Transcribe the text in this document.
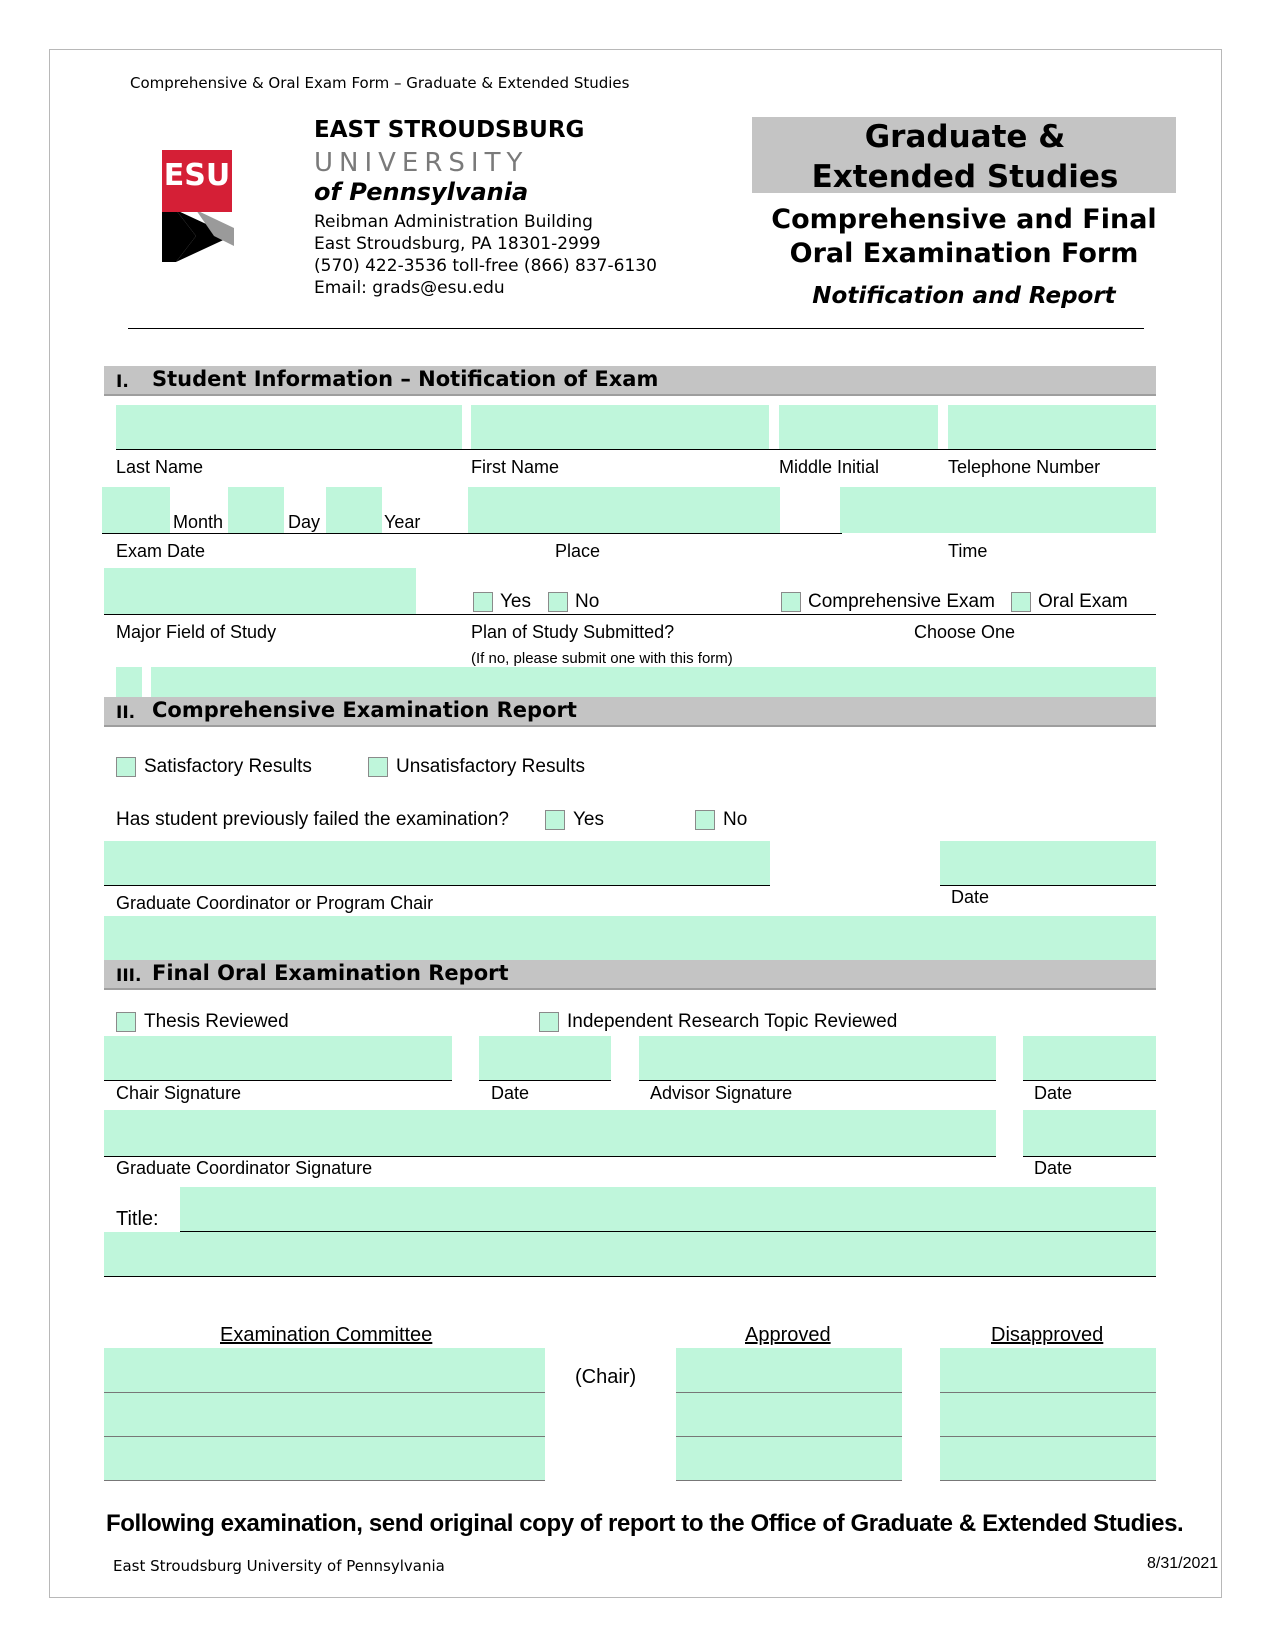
Comprehensive & Oral Exam Form – Graduate & Extended Studies
ESU
EAST STROUDSBURG
UNIVERSITY
of Pennsylvania
Reibman Administration Building
East Stroudsburg, PA 18301-2999
(570) 422-3536 toll-free (866) 837-6130
Email: grads@esu.edu
Graduate & Extended Studies
Comprehensive and Final
Oral Examination Form
Notification and Report
I. Student Information – Notification of Exam
Last Name	First Name	Middle Initial	Telephone Number
Month	Day	Year
Exam Date	Place	Time
Yes No	Comprehensive Exam Oral Exam
Major Field of Study	Plan of Study Submitted?
(If no, please submit one with this form)
Choose One
II. Comprehensive Examination Report
Satisfactory Results	Unsatisfactory Results
Has student previously failed the examination?	Yes	No
Graduate Coordinator or Program Chair	Date
III. Final Oral Examination Report
Thesis Reviewed	Independent Research Topic Reviewed
Chair Signature	Date	Advisor Signature	Date
Graduate Coordinator Signature	Date
Title:
Examination Committee	Approved	Disapproved
(Chair)
Following examination, send original copy of report to the Office of Graduate & Extended Studies.
East Stroudsburg University of Pennsylvania	8/31/2021
